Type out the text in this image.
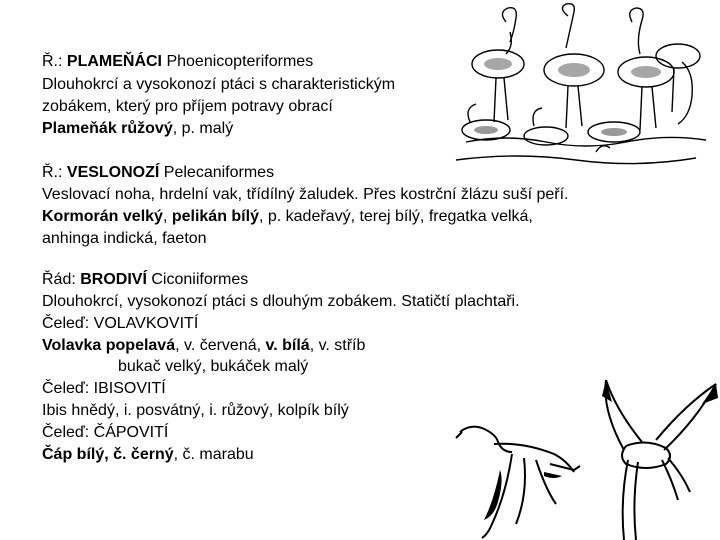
Ř.: PLAMEŇÁCI Phoenicopteriformes
Dlouhokrcí a vysokonozí ptáci s charakteristickým
zobákem, který pro příjem potravy obrací
Plameňák růžový, p. malý
Ř.: VESLONOZÍ Pelecaniformes
Veslovací noha, hrdelní vak, třídílný žaludek. Přes kostrční žlázu suší peří.
Kormorán velký, pelikán bílý, p. kadeřavý, terej bílý, fregatka velká,
anhinga indická, faeton
Řád: BRODIVÍ Ciconiiformes
Dlouhokrcí, vysokonozí ptáci s dlouhým zobákem. Statičtí plachtaři.
Čeleď: VOLAVKOVITÍ
Volavka popelavá, v. červená, v. bílá, v. stříb
bukač velký, bukáček malý
Čeleď: IBISOVITÍ
Ibis hnědý, i. posvátný, i. růžový, kolpík bílý
Čeleď: ČÁPOVITÍ
Čáp bílý, č. černý, č. marabu
